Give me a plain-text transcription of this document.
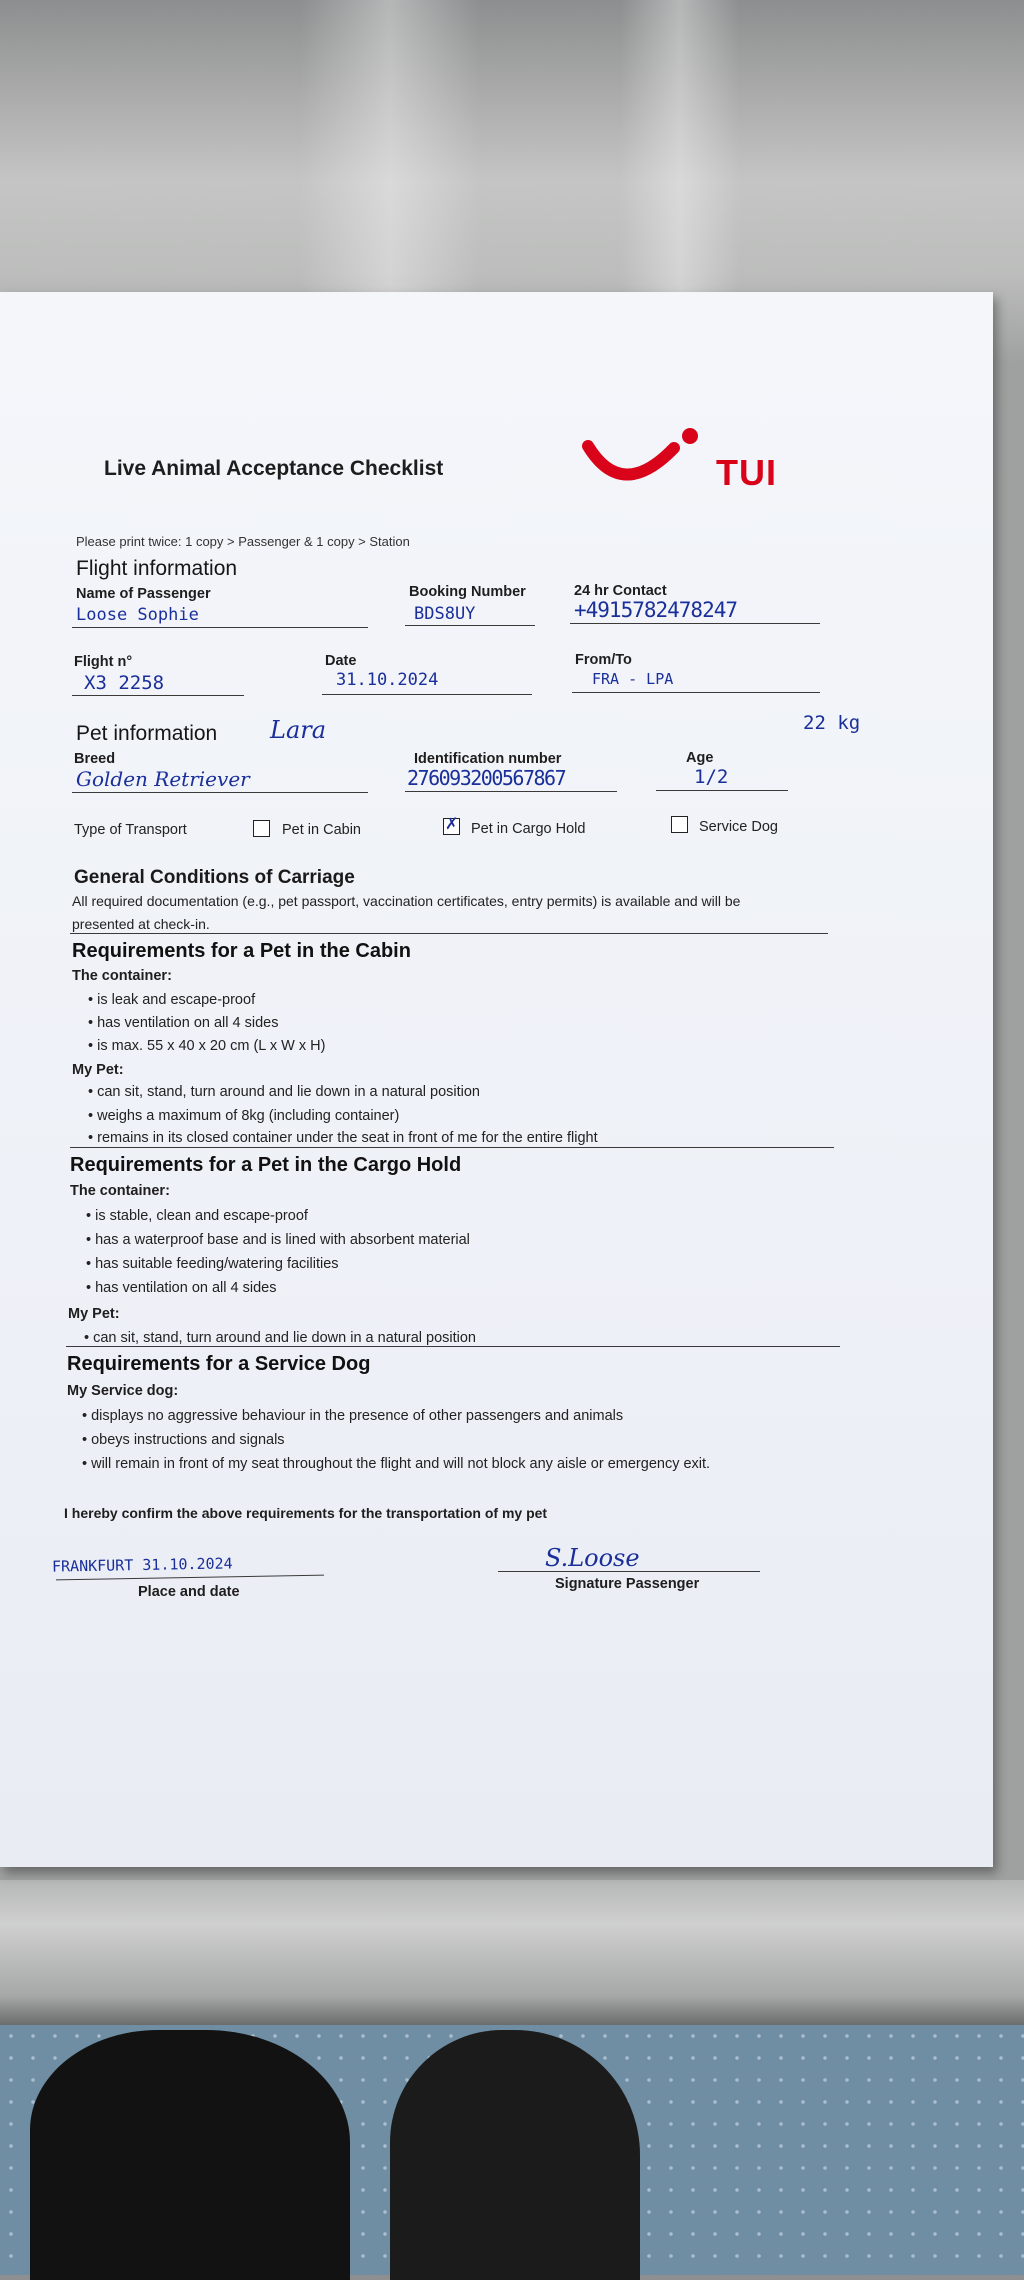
Live Animal Acceptance Checklist	TUI
Please print twice: 1 copy > Passenger & 1 copy > Station
Flight information
Name of Passenger
Loose Sophie
Booking Number
BDS8UY
24 hr Contact
+4915782478247
Flight n°
X3 2258
Date
31.10.2024
From/To
FRA - LPA
Pet information Lara	22 kg
Breed
Golden Retriever
Identification number
276093200567867
Age
1/2
Type of Transport	Pet in Cabin	✗ Pet in Cargo Hold	Service Dog
General Conditions of Carriage
All required documentation (e.g., pet passport, vaccination certificates, entry permits) is available and will be
presented at check-in.
Requirements for a Pet in the Cabin
The container:
• is leak and escape-proof
• has ventilation on all 4 sides
• is max. 55 x 40 x 20 cm (L x W x H)
My Pet:
• can sit, stand, turn around and lie down in a natural position
• weighs a maximum of 8kg (including container)
• remains in its closed container under the seat in front of me for the entire flight
Requirements for a Pet in the Cargo Hold
The container:
• is stable, clean and escape-proof
• has a waterproof base and is lined with absorbent material
• has suitable feeding/watering facilities
• has ventilation on all 4 sides
My Pet:
• can sit, stand, turn around and lie down in a natural position
Requirements for a Service Dog
My Service dog:
• displays no aggressive behaviour in the presence of other passengers and animals
• obeys instructions and signals
• will remain in front of my seat throughout the flight and will not block any aisle or emergency exit.
I hereby confirm the above requirements for the transportation of my pet
FRANKFURT 31.10.2024
Place and date
S.Loose
Signature Passenger
